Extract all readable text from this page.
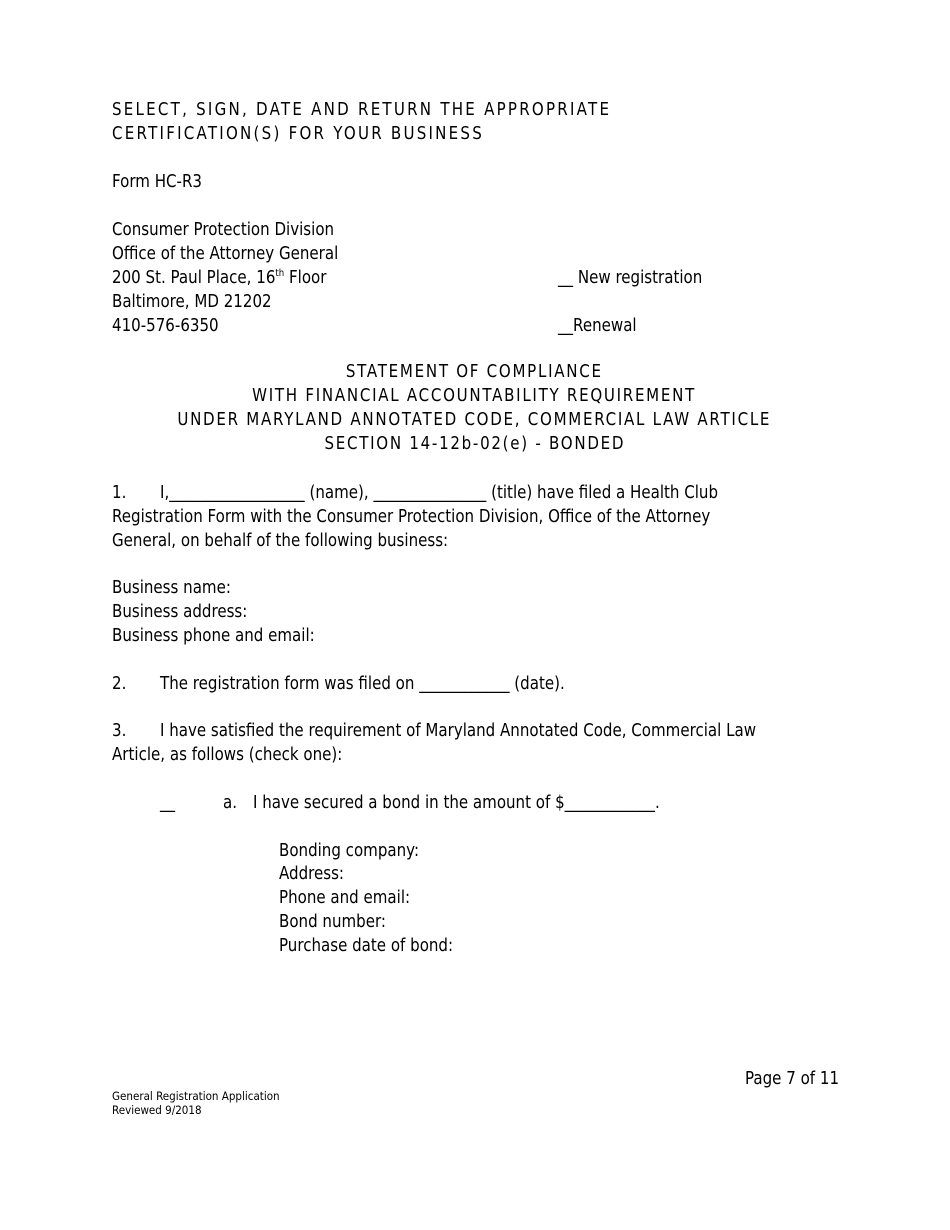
SELECT, SIGN, DATE AND RETURN THE APPROPRIATE
CERTIFICATION(S) FOR YOUR BUSINESS
Form HC-R3
Consumer Protection Division
Office of the Attorney General
200 St. Paul Place, 16th Floor
Baltimore, MD 21202
410-576-6350
__ New registration
__Renewal
STATEMENT OF COMPLIANCE
WITH FINANCIAL ACCOUNTABILITY REQUIREMENT
UNDER MARYLAND ANNOTATED CODE, COMMERCIAL LAW ARTICLE
SECTION 14-12b-02(e) - BONDED
1. I,__________________ (name), _______________ (title) have filed a Health Club
Registration Form with the Consumer Protection Division, Office of the Attorney
General, on behalf of the following business:
Business name:
Business address:
Business phone and email:
2. The registration form was filed on ____________ (date).
3. I have satisfied the requirement of Maryland Annotated Code, Commercial Law
Article, as follows (check one):
__	a. I have secured a bond in the amount of $____________.
Bonding company:
Address:
Phone and email:
Bond number:
Purchase date of bond:
Page 7 of 11
General Registration Application
Reviewed 9/2018
